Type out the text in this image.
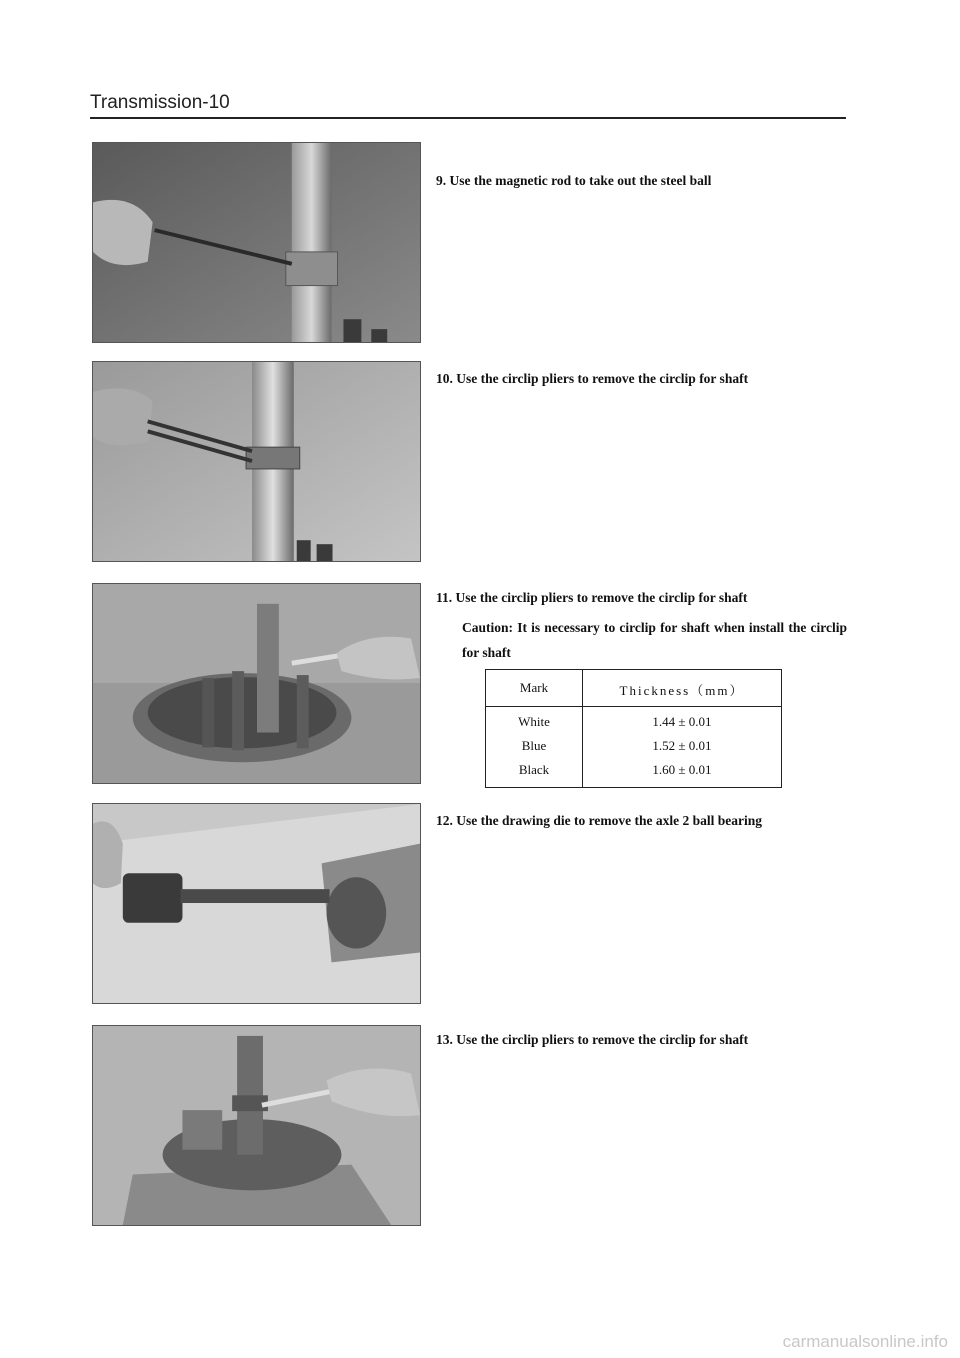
Transmission-10
9. Use the magnetic rod to take out the steel ball
10. Use the circlip pliers to remove the circlip for shaft
11. Use the circlip pliers to remove the circlip for shaft
Caution: It is necessary to circlip for shaft when install the circlip for shaft
Mark	Thickness（mm）
White	1.44 ± 0.01
Blue	1.52 ± 0.01
Black	1.60 ± 0.01
12. Use the drawing die to remove the axle 2 ball bearing
13. Use the circlip pliers to remove the circlip for shaft
carmanualsonline.info
